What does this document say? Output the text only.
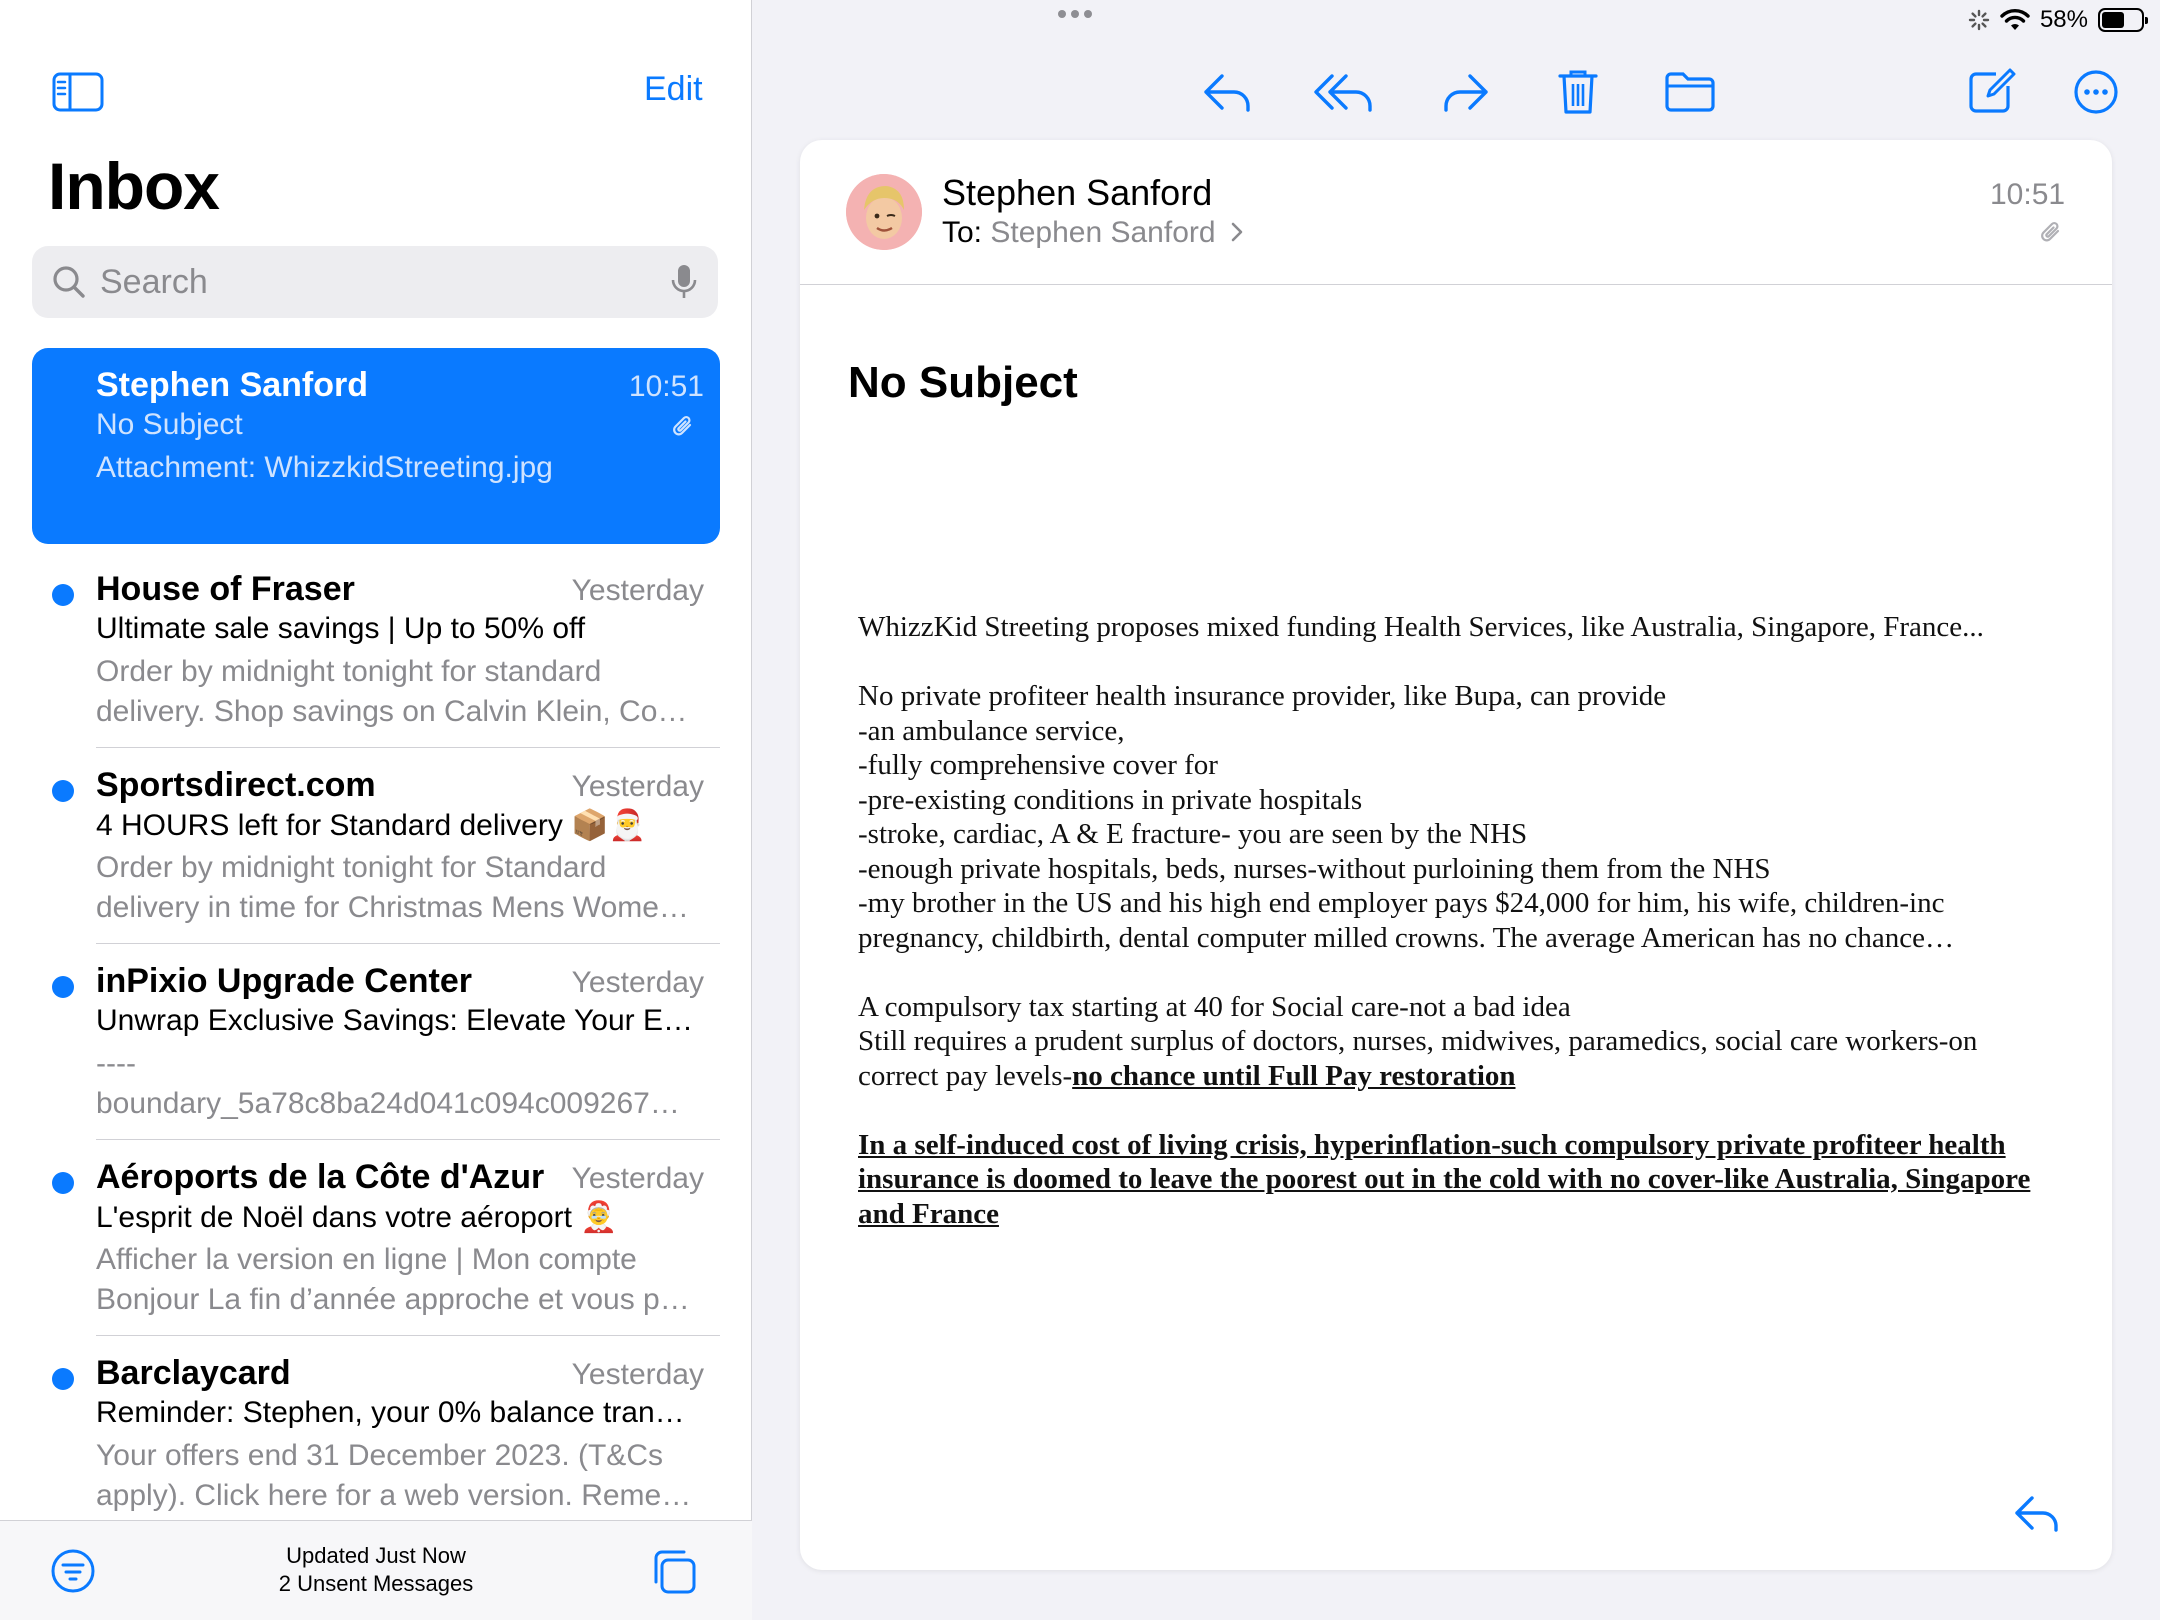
58%
Edit
Inbox
Search
Stephen Sanford	10:51
No Subject
Attachment: WhizzkidStreeting.jpg
House of Fraser	Yesterday
Ultimate sale savings | Up to 50% off
Order by midnight tonight for standard delivery. Shop savings on Calvin Klein, Co…
Sportsdirect.com	Yesterday
4 HOURS left for Standard delivery 📦🎅
Order by midnight tonight for Standard delivery in time for Christmas Mens Wome…
inPixio Upgrade Center	Yesterday
Unwrap Exclusive Savings: Elevate Your E…
----
boundary_5a78c8ba24d041c094c009267…
Aéroports de la Côte d'Azur Yesterday
L'esprit de Noël dans votre aéroport 🤶
Afficher la version en ligne | Mon compte Bonjour La fin d’année approche et vous p…
Barclaycard	Yesterday
Reminder: Stephen, your 0% balance tran…
Your offers end 31 December 2023. (T&Cs apply). Click here for a web version. Reme…
Updated Just Now
2 Unsent Messages
Stephen Sanford
To: Stephen Sanford
10:51
No Subject

WhizzKid Streeting proposes mixed funding Health Services, like Australia, Singapore, France...

No private profiteer health insurance provider, like Bupa, can provide
-an ambulance service,
-fully comprehensive cover for
-pre-existing conditions in private hospitals
-stroke, cardiac, A & E fracture- you are seen by the NHS
-enough private hospitals, beds, nurses-without purloining them from the NHS
-my brother in the US and his high end employer pays $24,000 for him, his wife, children-inc
pregnancy, childbirth, dental computer milled crowns. The average American has no chance…

A compulsory tax starting at 40 for Social care-not a bad idea
Still requires a prudent surplus of doctors, nurses, midwives, paramedics, social care workers-on
correct pay levels-no chance until Full Pay restoration

In a self-induced cost of living crisis, hyperinflation-such compulsory private profiteer health insurance is doomed to leave the poorest out in the cold with no cover-like Australia, Singapore and France
